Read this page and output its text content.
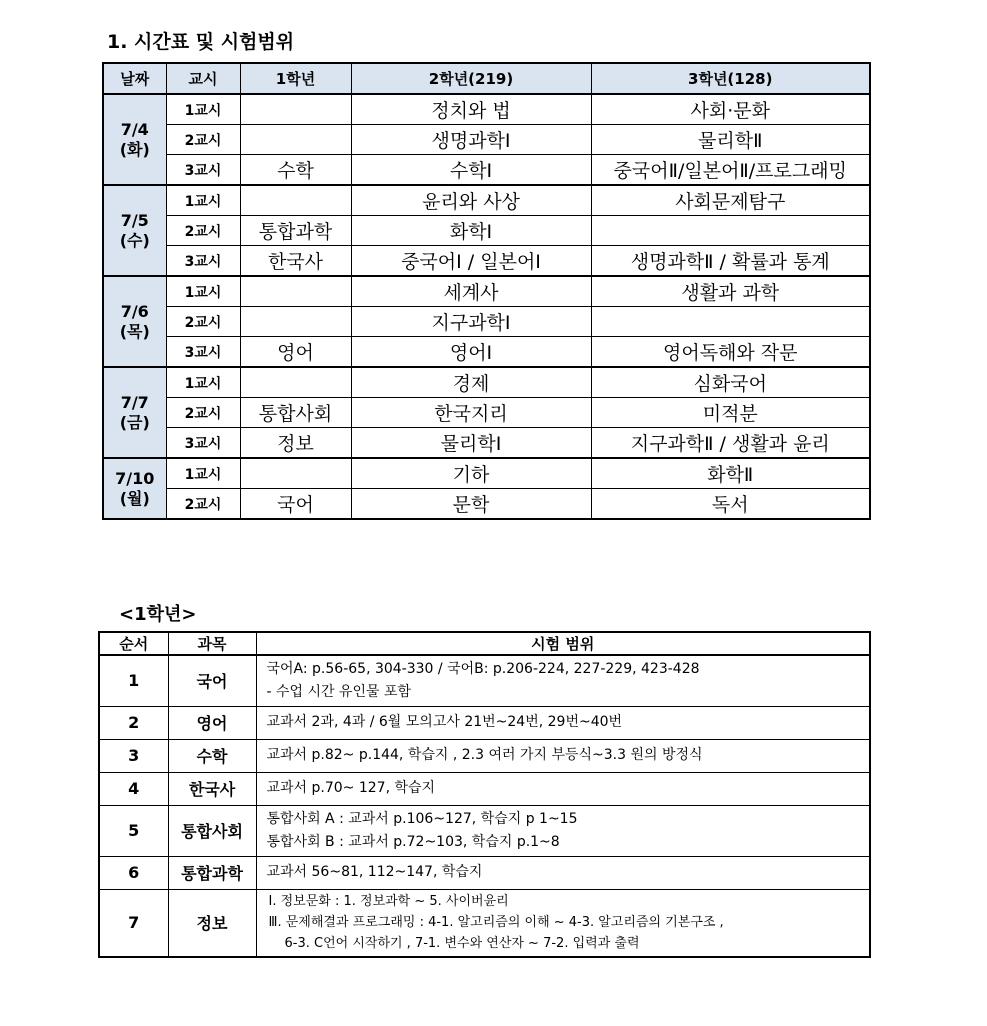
1. 시간표 및 시험범위
날짜	교시	1학년	2학년(219)	3학년(128)

7/4
(화)	1교시		정치와 법	사회·문화
	2교시		생명과학Ⅰ	물리학Ⅱ
	3교시	수학	수학Ⅰ	중국어Ⅱ/일본어Ⅱ/프로그래밍

7/5
(수)	1교시		윤리와 사상	사회문제탐구
	2교시	통합과학	화학Ⅰ	
	3교시	한국사	중국어Ⅰ / 일본어Ⅰ	생명과학Ⅱ / 확률과 통계

7/6
(목)	1교시		세계사	생활과 과학
	2교시		지구과학Ⅰ	
	3교시	영어	영어Ⅰ	영어독해와 작문

7/7
(금)	1교시		경제	심화국어
	2교시	통합사회	한국지리	미적분
	3교시	정보	물리학Ⅰ	지구과학Ⅱ / 생활과 윤리

7/10
(월)	1교시		기하	화학Ⅱ
	2교시	국어	문학	독서
<1학년>
순서	과목	시험 범위
1	국어	국어A: p.56-65, 304-330 / 국어B: p.206-224, 227-229, 423-428
- 수업 시간 유인물 포함

2	영어	교과서 2과, 4과 / 6월 모의고사 21번~24번, 29번~40번

3	수학	교과서 p.82~ p.144, 학습지 , 2.3 여러 가지 부등식~3.3 원의 방정식

4	한국사	교과서 p.70~ 127, 학습지

5	통합사회	통합사회 A : 교과서 p.106~127, 학습지 p 1~15
통합사회 B : 교과서 p.72~103, 학습지 p.1~8

6	통합과학	교과서 56~81, 112~147, 학습지

7	정보	Ⅰ. 정보문화 : 1. 정보과학 ~ 5. 사이버윤리
Ⅲ. 문제해결과 프로그래밍 : 4-1. 알고리즘의 이해 ~ 4-3. 알고리즘의 기본구조 ,
6-3. C언어 시작하기 , 7-1. 변수와 연산자 ~ 7-2. 입력과 출력
